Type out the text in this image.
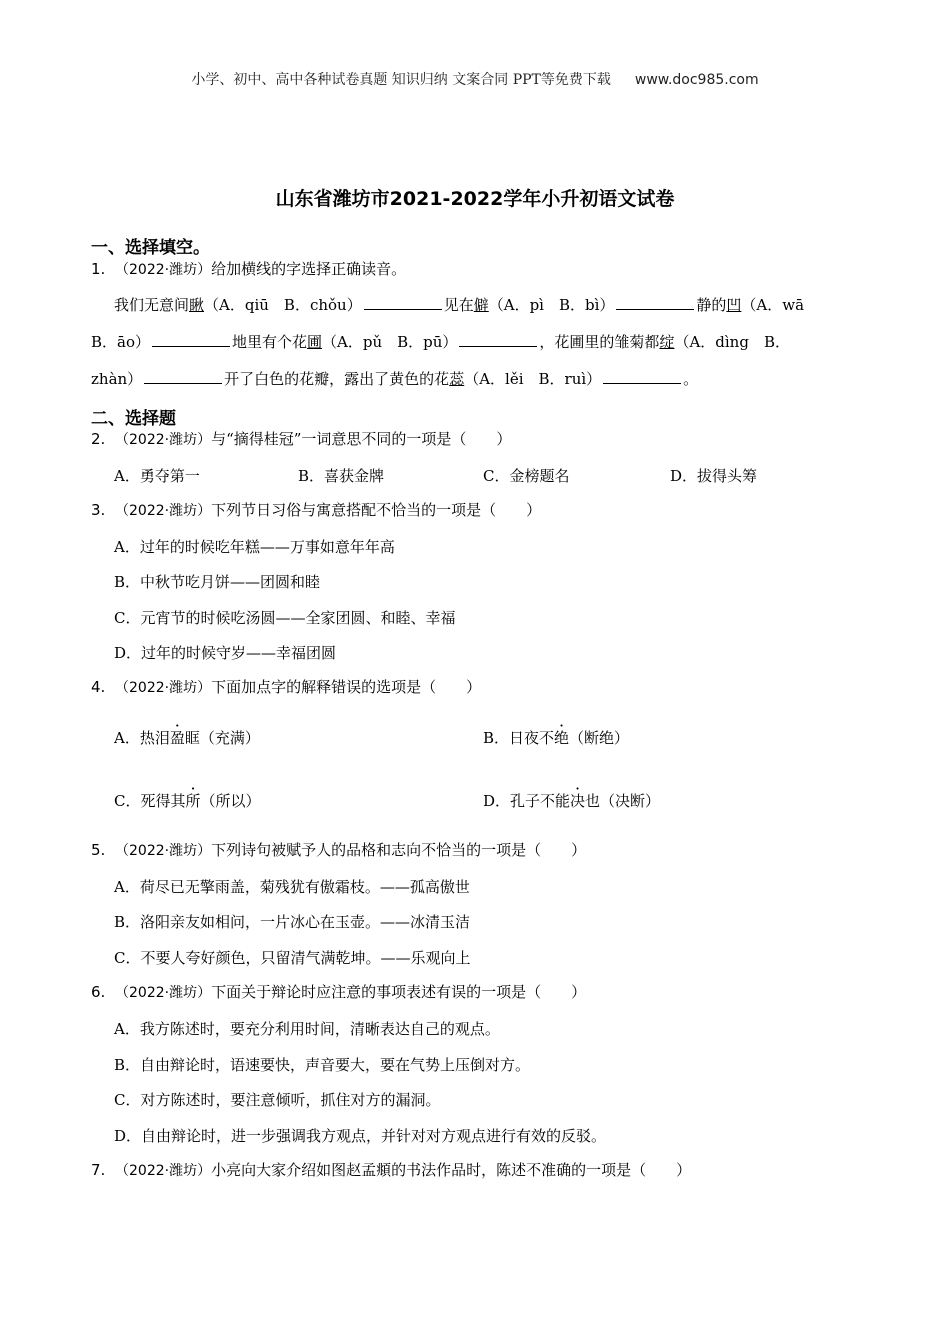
小学、初中、高中各种试卷真题 知识归纳 文案合同 PPT等免费下载 www.doc985.com
山东省潍坊市2021-2022学年小升初语文试卷
一、选择填空。
1. （2022·潍坊）给加横线的字选择正确读音。
我们无意间瞅（A．qiū　B．chǒu）	见在僻（A．pì　B．bì）	静的凹（A．wā
B．āo）	地里有个花圃（A．pǔ　B．pū）	，花圃里的雏菊都绽（A．dìng　B．
zhàn）	开了白色的花瓣，露出了黄色的花蕊（A．lěi　B．ruì）	。
二、选择题
2. （2022·潍坊）与“摘得桂冠”一词意思不同的一项是（　　）
A．勇夺第一	B．喜获金牌	C．金榜题名	D．拔得头筹
3. （2022·潍坊）下列节日习俗与寓意搭配不恰当的一项是（　　）
A．过年的时候吃年糕——万事如意年年高
B．中秋节吃月饼——团圆和睦
C．元宵节的时候吃汤圆——全家团圆、和睦、幸福
D．过年的时候守岁——幸福团圆
4. （2022·潍坊）下面加点字的解释错误的选项是（　　）
A．热泪盈眶（充满）	B．日夜不绝（断绝）
C．死得其所（所以）	D．孔子不能决也（决断）
5. （2022·潍坊）下列诗句被赋予人的品格和志向不恰当的一项是（　　）
A．荷尽已无擎雨盖，菊残犹有傲霜枝。——孤高傲世
B．洛阳亲友如相问，一片冰心在玉壶。——冰清玉洁
C．不要人夸好颜色，只留清气满乾坤。——乐观向上
6. （2022·潍坊）下面关于辩论时应注意的事项表述有误的一项是（　　）
A．我方陈述时，要充分利用时间，清晰表达自己的观点。
B．自由辩论时，语速要快，声音要大，要在气势上压倒对方。
C．对方陈述时，要注意倾听，抓住对方的漏洞。
D．自由辩论时，进一步强调我方观点，并针对对方观点进行有效的反驳。
7. （2022·潍坊）小亮向大家介绍如图赵孟頫的书法作品时，陈述不准确的一项是（　　）
